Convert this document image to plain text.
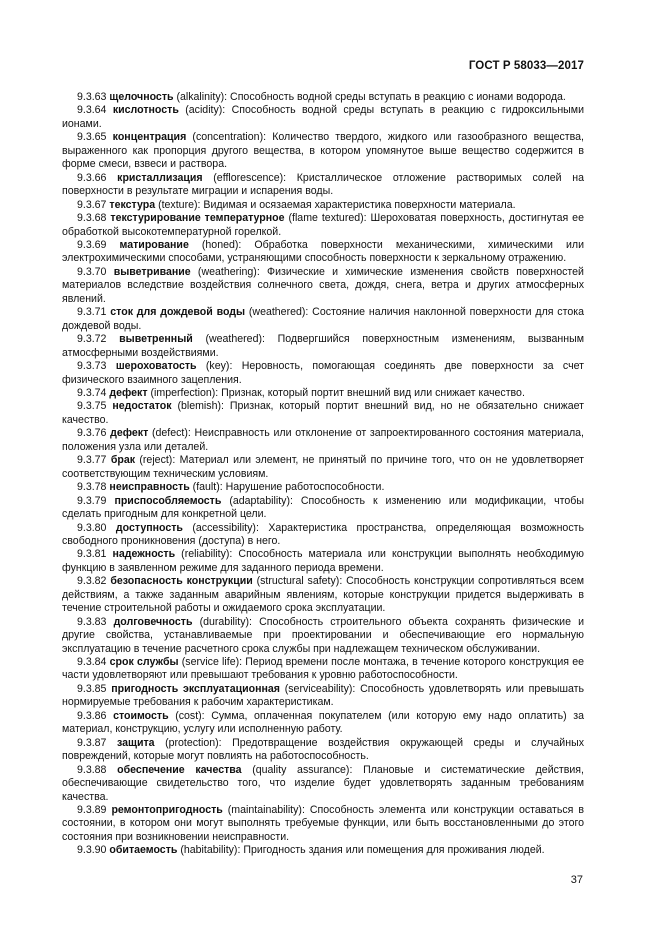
ГОСТ Р 58033—2017

9.3.63 щелочность (alkalinity): Способность водной среды вступать в реакцию с ионами водорода.

9.3.64 кислотность (acidity): Способность водной среды вступать в реакцию с гидроксильными ионами.

9.3.65 концентрация (concentration): Количество твердого, жидкого или газообразного вещества, выраженного как пропорция другого вещества, в котором упомянутое выше вещество содержится в форме смеси, взвеси и раствора.

9.3.66 кристаллизация (efflorescence): Кристаллическое отложение растворимых солей на поверхности в результате миграции и испарения воды.

9.3.67 текстура (texture): Видимая и осязаемая характеристика поверхности материала.

9.3.68 текстурирование температурное (flame textured): Шероховатая поверхность, достигнутая ее обработкой высокотемпературной горелкой.

9.3.69 матирование (honed): Обработка поверхности механическими, химическими или электрохимическими способами, устраняющими способность поверхности к зеркальному отражению.

9.3.70 выветривание (weathering): Физические и химические изменения свойств поверхностей материалов вследствие воздействия солнечного света, дождя, снега, ветра и других атмосферных явлений.

9.3.71 сток для дождевой воды (weathered): Состояние наличия наклонной поверхности для стока дождевой воды.

9.3.72 выветренный (weathered): Подвергшийся поверхностным изменениям, вызванным атмосферными воздействиями.

9.3.73 шероховатость (key): Неровность, помогающая соединять две поверхности за счет физического взаимного зацепления.

9.3.74 дефект (imperfection): Признак, который портит внешний вид или снижает качество.

9.3.75 недостаток (blemish): Признак, который портит внешний вид, но не обязательно снижает качество.

9.3.76 дефект (defect): Неисправность или отклонение от запроектированного состояния материала, положения узла или деталей.

9.3.77 брак (reject): Материал или элемент, не принятый по причине того, что он не удовлетворяет соответствующим техническим условиям.

9.3.78 неисправность (fault): Нарушение работоспособности.

9.3.79 приспособляемость (adaptability): Способность к изменению или модификации, чтобы сделать пригодным для конкретной цели.

9.3.80 доступность (accessibility): Характеристика пространства, определяющая возможность свободного проникновения (доступа) в него.

9.3.81 надежность (reliability): Способность материала или конструкции выполнять необходимую функцию в заявленном режиме для заданного периода времени.

9.3.82 безопасность конструкции (structural safety): Способность конструкции сопротивляться всем действиям, а также заданным аварийным явлениям, которые конструкции придется выдерживать в течение строительной работы и ожидаемого срока эксплуатации.

9.3.83 долговечность (durability): Способность строительного объекта сохранять физические и другие свойства, устанавливаемые при проектировании и обеспечивающие его нормальную эксплуатацию в течение расчетного срока службы при надлежащем техническом обслуживании.

9.3.84 срок службы (service life): Период времени после монтажа, в течение которого конструкция ее части удовлетворяют или превышают требования к уровню работоспособности.

9.3.85 пригодность эксплуатационная (serviceability): Способность удовлетворять или превышать нормируемые требования к рабочим характеристикам.

9.3.86 стоимость (cost): Сумма, оплаченная покупателем (или которую ему надо оплатить) за материал, конструкцию, услугу или исполненную работу.

9.3.87 защита (protection): Предотвращение воздействия окружающей среды и случайных повреждений, которые могут повлиять на работоспособность.

9.3.88 обеспечение качества (quality assurance): Плановые и систематические действия, обеспечивающие свидетельство того, что изделие будет удовлетворять заданным требованиям качества.

9.3.89 ремонтопригодность (maintainability): Способность элемента или конструкции оставаться в состоянии, в котором они могут выполнять требуемые функции, или быть восстановленными до этого состояния при возникновении неисправности.

9.3.90 обитаемость (habitability): Пригодность здания или помещения для проживания людей.

37
